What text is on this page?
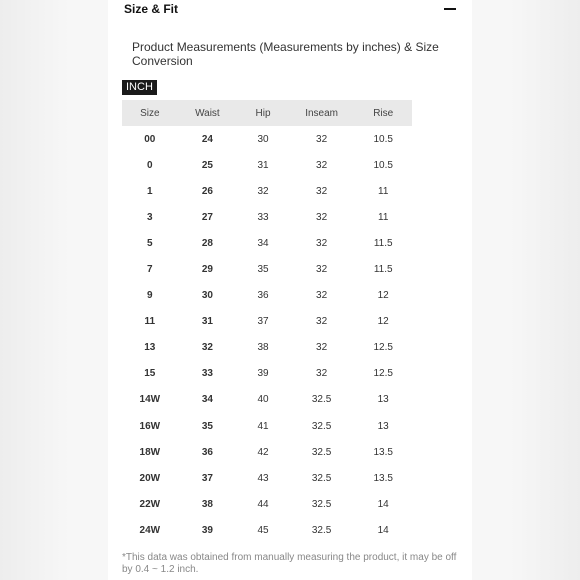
Size & Fit
Product Measurements (Measurements by inches) & Size Conversion
INCH
Size	Waist	Hip	Inseam	Rise
00	24	30	32	10.5
0	25	31	32	10.5
1	26	32	32	11
3	27	33	32	11
5	28	34	32	11.5
7	29	35	32	11.5
9	30	36	32	12
11	31	37	32	12
13	32	38	32	12.5
15	33	39	32	12.5
14W	34	40	32.5	13
16W	35	41	32.5	13
18W	36	42	32.5	13.5
20W	37	43	32.5	13.5
22W	38	44	32.5	14
24W	39	45	32.5	14
*This data was obtained from manually measuring the product, it may be off by 0.4 ~ 1.2 inch.
